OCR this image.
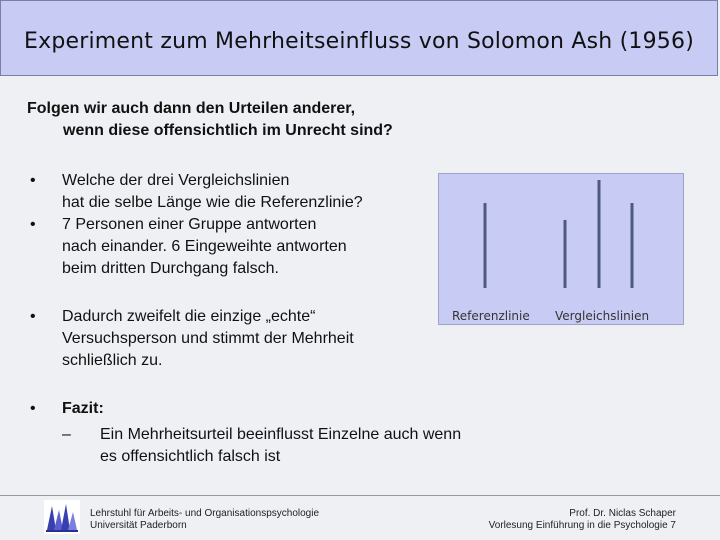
Experiment zum Mehrheitseinfluss von Solomon Ash (1956)
Folgen wir auch dann den Urteilen anderer,
wenn diese offensichtlich im Unrecht sind?
• Welche der drei Vergleichslinien
hat die selbe Länge wie die Referenzlinie?
• 7 Personen einer Gruppe antworten
nach einander. 6 Eingeweihte antworten
beim dritten Durchgang falsch.
• Dadurch zweifelt die einzige „echte“
Versuchsperson und stimmt der Mehrheit
schließlich zu.
• Fazit:
– Ein Mehrheitsurteil beeinflusst Einzelne auch wenn
es offensichtlich falsch ist
Referenzlinie Vergleichslinien
Lehrstuhl für Arbeits- und Organisationspsychologie
Universität Paderborn
Prof. Dr. Niclas Schaper
Vorlesung Einführung in die Psychologie 7
